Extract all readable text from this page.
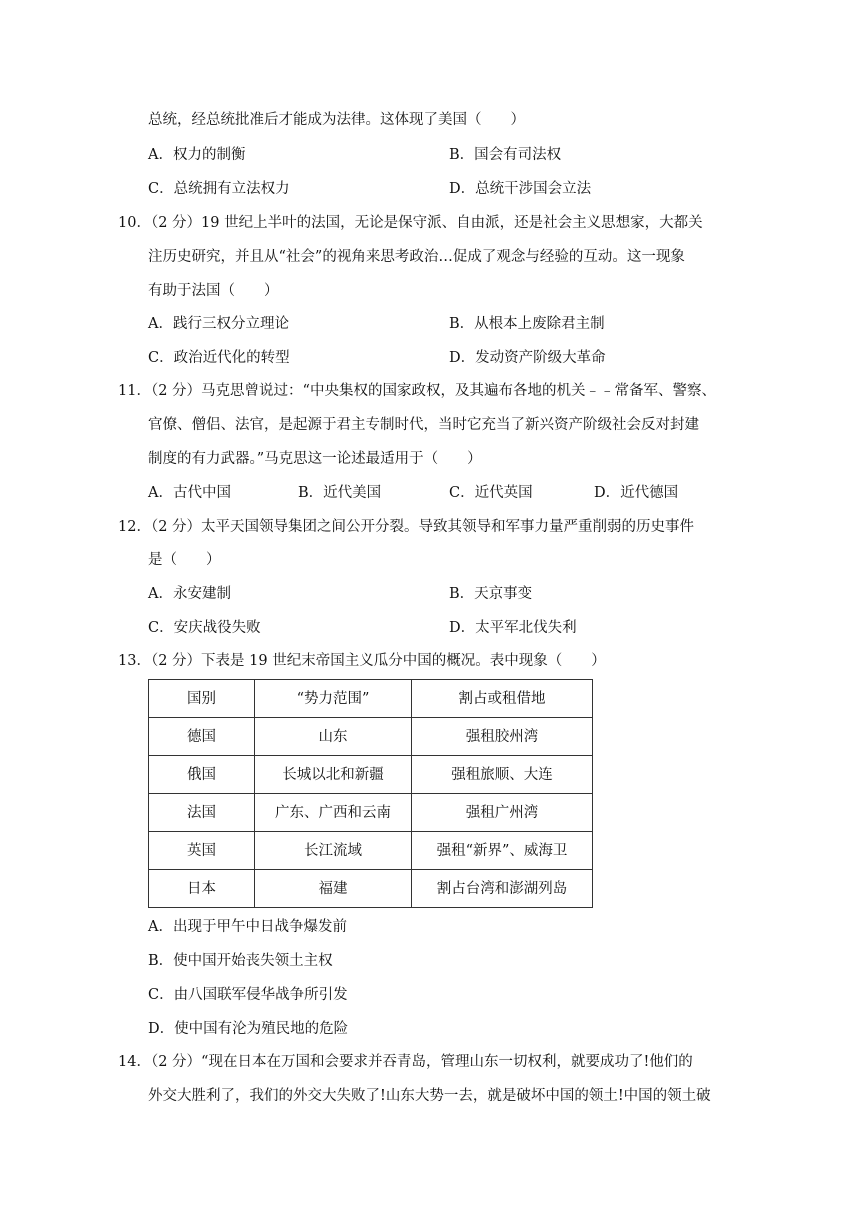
总统，经总统批准后才能成为法律。这体现了美国（　　）
A．权力的制衡	B．国会有司法权
C．总统拥有立法权力	D．总统干涉国会立法
10．（2 分）19 世纪上半叶的法国，无论是保守派、自由派，还是社会主义思想家，大都关
注历史研究，并且从“社会”的视角来思考政治…促成了观念与经验的互动。这一现象
有助于法国（　　）
A．践行三权分立理论	B．从根本上废除君主制
C．政治近代化的转型	D．发动资产阶级大革命
11．（2 分）马克思曾说过：“中央集权的国家政权，及其遍布各地的机关﹣﹣常备军、警察、
官僚、僧侣、法官，是起源于君主专制时代，当时它充当了新兴资产阶级社会反对封建
制度的有力武器。”马克思这一论述最适用于（　　）
A．古代中国	B．近代美国	C．近代英国	D．近代德国
12．（2 分）太平天国领导集团之间公开分裂。导致其领导和军事力量严重削弱的历史事件
是（　　）
A．永安建制	B．天京事变
C．安庆战役失败	D．太平军北伐失利
13．（2 分）下表是 19 世纪末帝国主义瓜分中国的概况。表中现象（　　）
国别	“势力范围”	割占或租借地
德国	山东	强租胶州湾
俄国	长城以北和新疆	强租旅顺、大连
法国	广东、广西和云南	强租广州湾
英国	长江流域	强租“新界”、威海卫
日本	福建	割占台湾和澎湖列岛
A．出现于甲午中日战争爆发前
B．使中国开始丧失领土主权
C．由八国联军侵华战争所引发
D．使中国有沦为殖民地的危险
14．（2 分）“现在日本在万国和会要求并吞青岛，管理山东一切权利，就要成功了!他们的
外交大胜利了，我们的外交大失败了!山东大势一去，就是破坏中国的领土!中国的领土破
